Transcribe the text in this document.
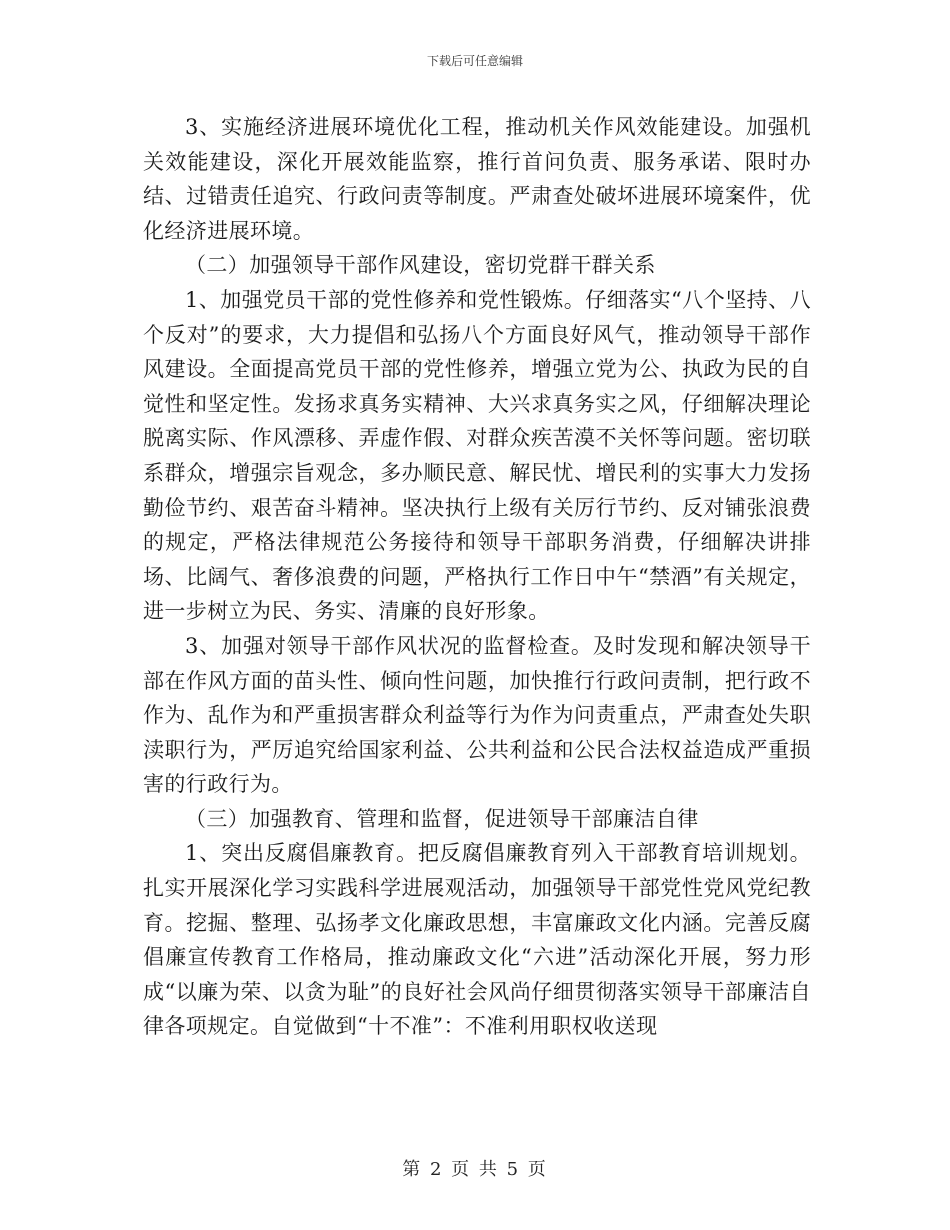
下载后可任意编辑

3、实施经济进展环境优化工程，推动机关作风效能建设。加强机关效能建设，深化开展效能监察，推行首问负责、服务承诺、限时办结、过错责任追究、行政问责等制度。严肃查处破坏进展环境案件，优化经济进展环境。

（二）加强领导干部作风建设，密切党群干群关系

1、加强党员干部的党性修养和党性锻炼。仔细落实“八个坚持、八个反对”的要求，大力提倡和弘扬八个方面良好风气，推动领导干部作风建设。全面提高党员干部的党性修养，增强立党为公、执政为民的自觉性和坚定性。发扬求真务实精神、大兴求真务实之风，仔细解决理论脱离实际、作风漂移、弄虚作假、对群众疾苦漠不关怀等问题。密切联系群众，增强宗旨观念，多办顺民意、解民忧、增民利的实事大力发扬勤俭节约、艰苦奋斗精神。坚决执行上级有关厉行节约、反对铺张浪费的规定，严格法律规范公务接待和领导干部职务消费，仔细解决讲排场、比阔气、奢侈浪费的问题，严格执行工作日中午“禁酒”有关规定，进一步树立为民、务实、清廉的良好形象。

3、加强对领导干部作风状况的监督检查。及时发现和解决领导干部在作风方面的苗头性、倾向性问题，加快推行行政问责制，把行政不作为、乱作为和严重损害群众利益等行为作为问责重点，严肃查处失职渎职行为，严厉追究给国家利益、公共利益和公民合法权益造成严重损害的行政行为。

（三）加强教育、管理和监督，促进领导干部廉洁自律

1、突出反腐倡廉教育。把反腐倡廉教育列入干部教育培训规划。扎实开展深化学习实践科学进展观活动，加强领导干部党性党风党纪教育。挖掘、整理、弘扬孝文化廉政思想，丰富廉政文化内涵。完善反腐倡廉宣传教育工作格局，推动廉政文化“六进”活动深化开展，努力形成“以廉为荣、以贪为耻”的良好社会风尚仔细贯彻落实领导干部廉洁自律各项规定。自觉做到“十不准”：不准利用职权收送现

第 2 页 共 5 页
